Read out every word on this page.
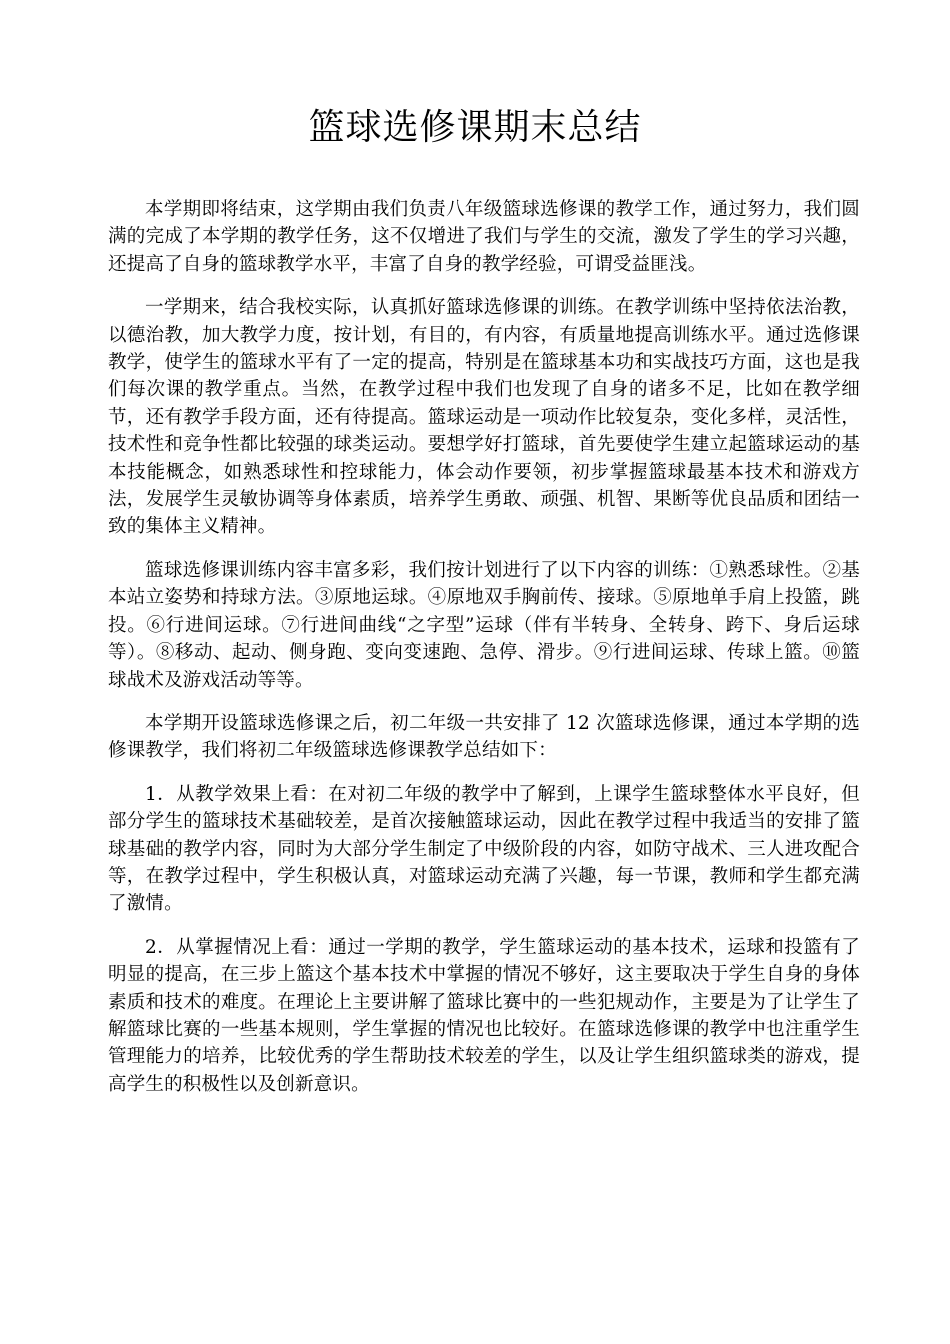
篮球选修课期末总结

本学期即将结束，这学期由我们负责八年级篮球选修课的教学工作，通过努力，我们圆满的完成了本学期的教学任务，这不仅增进了我们与学生的交流，激发了学生的学习兴趣，还提高了自身的篮球教学水平，丰富了自身的教学经验，可谓受益匪浅。

一学期来，结合我校实际，认真抓好篮球选修课的训练。在教学训练中坚持依法治教，以德治教，加大教学力度，按计划，有目的，有内容，有质量地提高训练水平。通过选修课教学，使学生的篮球水平有了一定的提高，特别是在篮球基本功和实战技巧方面，这也是我们每次课的教学重点。当然，在教学过程中我们也发现了自身的诸多不足，比如在教学细节，还有教学手段方面，还有待提高。篮球运动是一项动作比较复杂，变化多样，灵活性，技术性和竞争性都比较强的球类运动。要想学好打篮球，首先要使学生建立起篮球运动的基本技能概念，如熟悉球性和控球能力，体会动作要领，初步掌握篮球最基本技术和游戏方法，发展学生灵敏协调等身体素质，培养学生勇敢、顽强、机智、果断等优良品质和团结一致的集体主义精神。

篮球选修课训练内容丰富多彩，我们按计划进行了以下内容的训练：①熟悉球性。②基本站立姿势和持球方法。③原地运球。④原地双手胸前传、接球。⑤原地单手肩上投篮，跳投。⑥行进间运球。⑦行进间曲线“之字型”运球（伴有半转身、全转身、跨下、身后运球等）。⑧移动、起动、侧身跑、变向变速跑、急停、滑步。⑨行进间运球、传球上篮。⑩篮球战术及游戏活动等等。

本学期开设篮球选修课之后，初二年级一共安排了 12 次篮球选修课，通过本学期的选修课教学，我们将初二年级篮球选修课教学总结如下：

1．从教学效果上看：在对初二年级的教学中了解到，上课学生篮球整体水平良好，但部分学生的篮球技术基础较差，是首次接触篮球运动，因此在教学过程中我适当的安排了篮球基础的教学内容，同时为大部分学生制定了中级阶段的内容，如防守战术、三人进攻配合等，在教学过程中，学生积极认真，对篮球运动充满了兴趣，每一节课，教师和学生都充满了激情。

2．从掌握情况上看：通过一学期的教学，学生篮球运动的基本技术，运球和投篮有了明显的提高，在三步上篮这个基本技术中掌握的情况不够好，这主要取决于学生自身的身体素质和技术的难度。在理论上主要讲解了篮球比赛中的一些犯规动作，主要是为了让学生了解篮球比赛的一些基本规则，学生掌握的情况也比较好。在篮球选修课的教学中也注重学生管理能力的培养，比较优秀的学生帮助技术较差的学生，以及让学生组织篮球类的游戏，提高学生的积极性以及创新意识。
